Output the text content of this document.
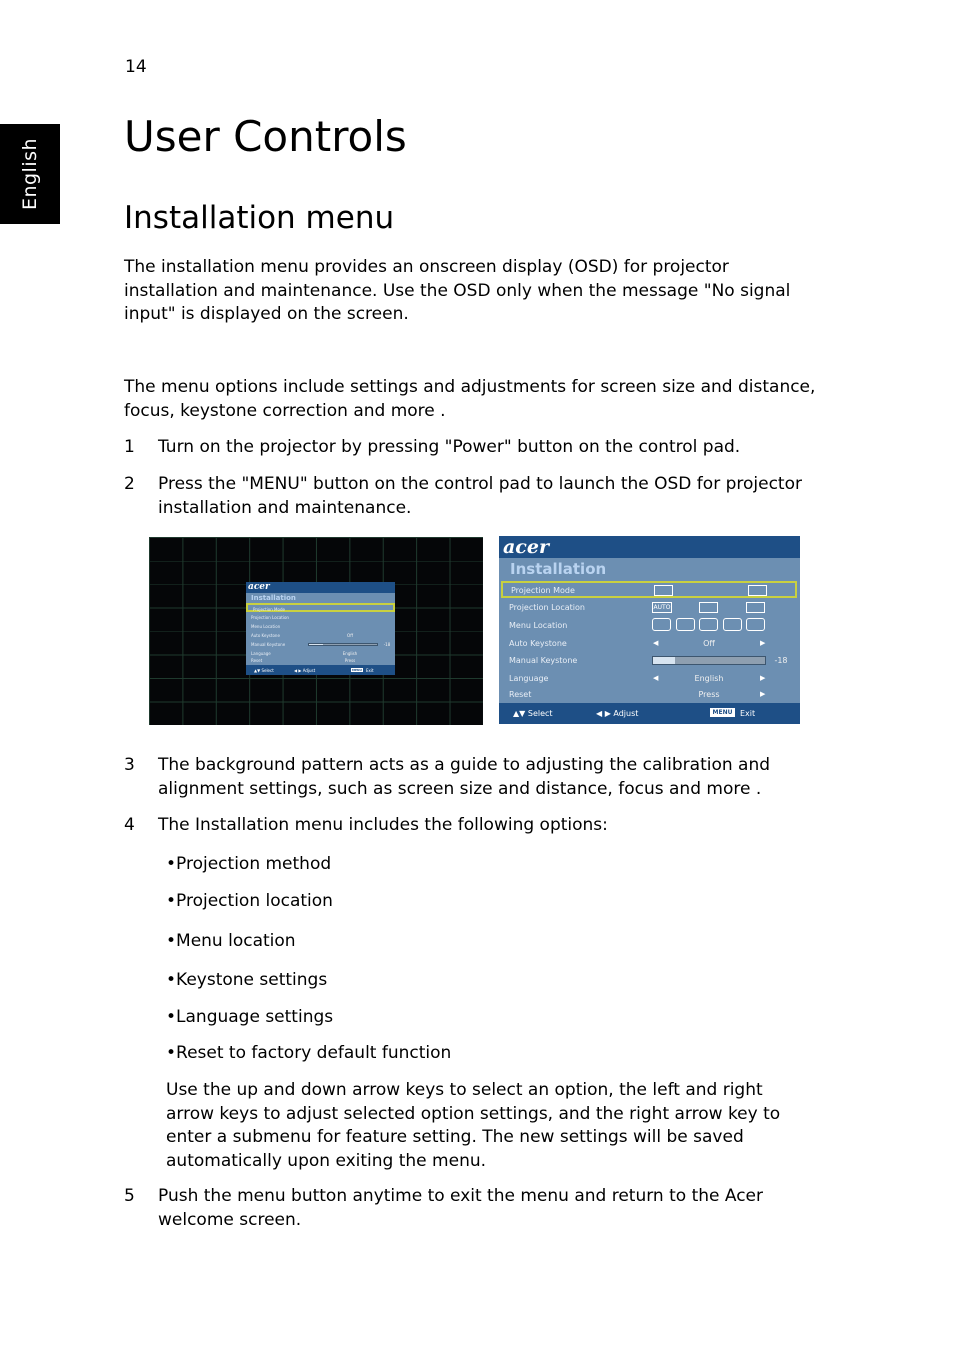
14
English
User Controls
Installation menu

The installation menu provides an onscreen display (OSD) for projector installation and maintenance. Use the OSD only when the message "No signal input" is displayed on the screen.

The menu options include settings and adjustments for screen size and distance, focus, keystone correction and more .

1 Turn on the projector by pressing "Power" button on the control pad.
2 Press the "MENU" button on the control pad to launch the OSD for projector installation and maintenance.
acer
Installation
Projection Mode
Projection Location
Menu Location
Auto Keystone	Off
Manual Keystone	-18
Language	English
Reset	Press
▲▼ Select	◀ ▶ Adjust	MENU Exit
acer
Installation
Projection Mode
Projection Location	AUTO
Menu Location
Auto Keystone	◀	Off	▶
Manual Keystone	-18
Language	◀	English	▶
Reset	Press	▶
▲▼ Select	◀ ▶ Adjust	MENU Exit
3 The background pattern acts as a guide to adjusting the calibration and alignment settings, such as screen size and distance, focus and more .
4 The Installation menu includes the following options:
•Projection method
•Projection location
•Menu location
•Keystone settings
•Language settings
•Reset to factory default function

Use the up and down arrow keys to select an option, the left and right arrow keys to adjust selected option settings, and the right arrow key to enter a submenu for feature setting. The new settings will be saved automatically upon exiting the menu.

5 Push the menu button anytime to exit the menu and return to the Acer welcome screen.
